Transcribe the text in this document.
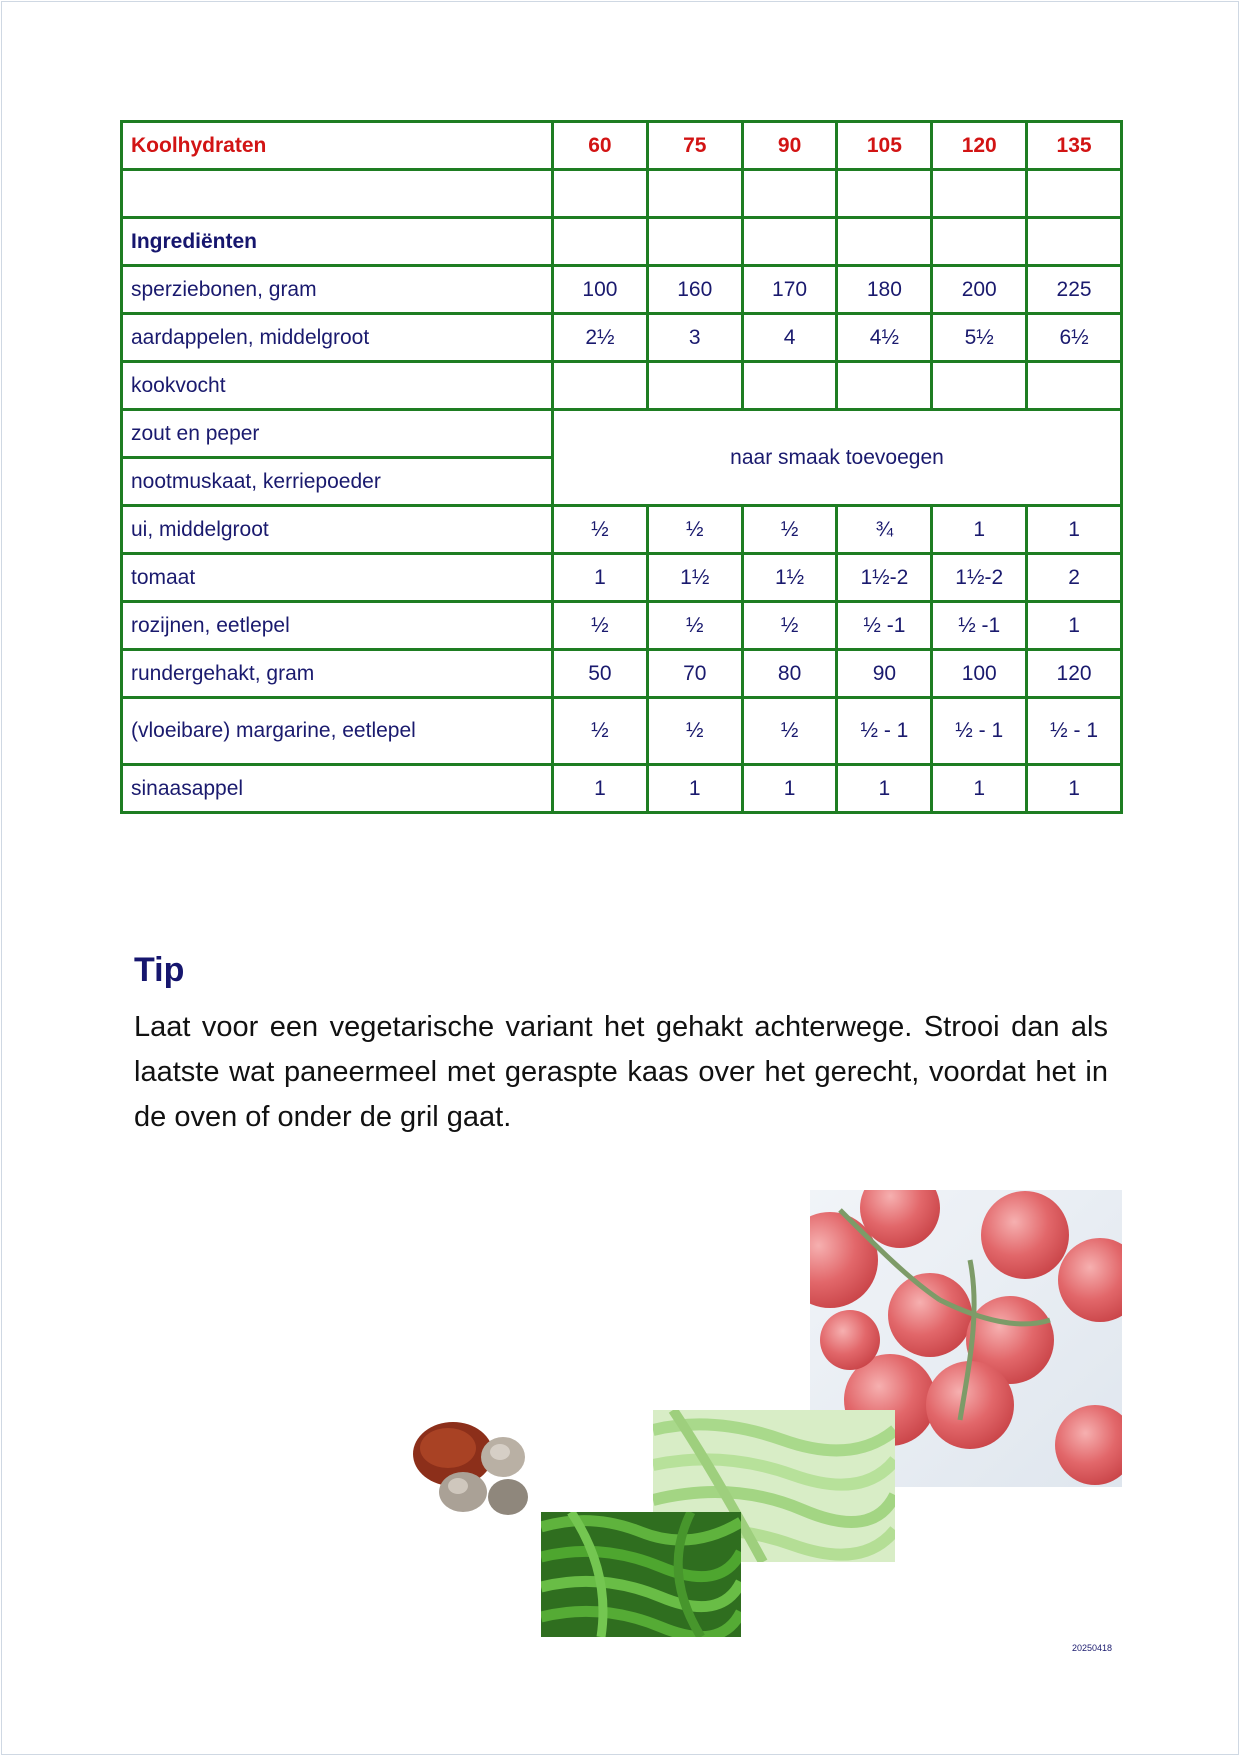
Koolhydraten	60	75	90	105	120	135

Ingrediënten						
sperziebonen, gram	100	160	170	180	200	225
aardappelen, middelgroot	2½	3	4	4½	5½	6½
kookvocht						
zout en peper	naar smaak toevoegen					
nootmuskaat, kerriepoeder						
ui, middelgroot	½	½	½	¾	1	1
tomaat	1	1½	1½	1½-2	1½-2	2
rozijnen, eetlepel	½	½	½	½ -1	½ -1	1
rundergehakt, gram	50	70	80	90	100	120
(vloeibare) margarine, eetlepel	½	½	½	½ - 1	½ - 1	½ - 1
sinaasappel	1	1	1	1	1	1
Tip
Laat voor een vegetarische variant het gehakt achterwege. Strooi dan als laatste wat paneermeel met geraspte kaas over het gerecht, voordat het in de oven of onder de gril gaat.
20250418
